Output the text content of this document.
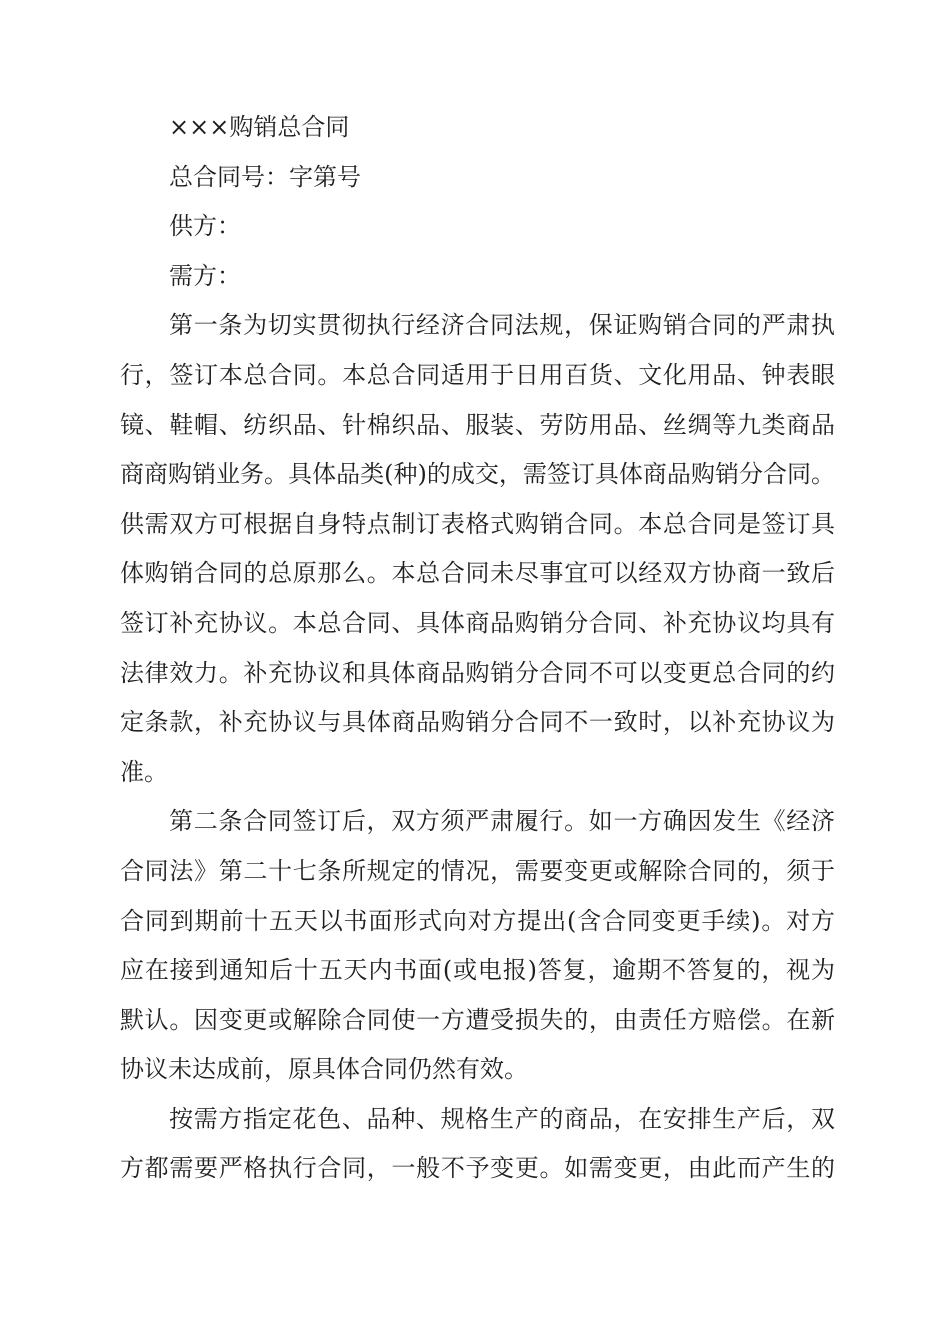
×××购销总合同
总合同号：字第号
供方：
需方：
第一条为切实贯彻执行经济合同法规，保证购销合同的严肃执
行，签订本总合同。本总合同适用于日用百货、文化用品、钟表眼
镜、鞋帽、纺织品、针棉织品、服装、劳防用品、丝绸等九类商品
商商购销业务。具体品类(种)的成交，需签订具体商品购销分合同。
供需双方可根据自身特点制订表格式购销合同。本总合同是签订具
体购销合同的总原那么。本总合同未尽事宜可以经双方协商一致后
签订补充协议。本总合同、具体商品购销分合同、补充协议均具有
法律效力。补充协议和具体商品购销分合同不可以变更总合同的约
定条款，补充协议与具体商品购销分合同不一致时，以补充协议为
准。
第二条合同签订后，双方须严肃履行。如一方确因发生《经济
合同法》第二十七条所规定的情况，需要变更或解除合同的，须于
合同到期前十五天以书面形式向对方提出(含合同变更手续)。对方
应在接到通知后十五天内书面(或电报)答复，逾期不答复的，视为
默认。因变更或解除合同使一方遭受损失的，由责任方赔偿。在新
协议未达成前，原具体合同仍然有效。
按需方指定花色、品种、规格生产的商品，在安排生产后，双
方都需要严格执行合同，一般不予变更。如需变更，由此而产生的
